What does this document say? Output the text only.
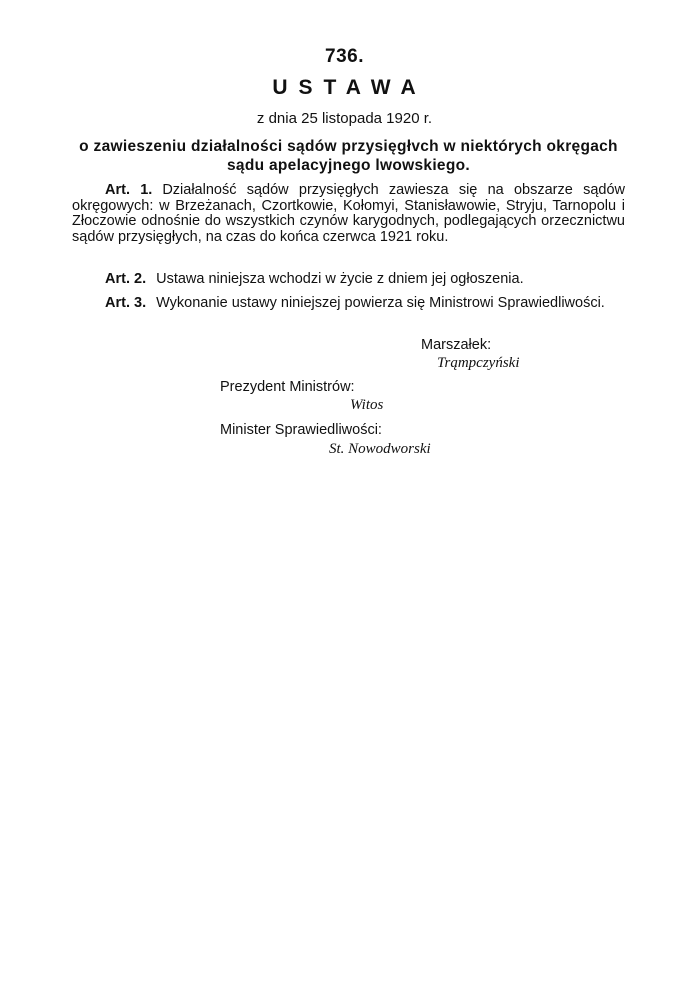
736.
USTAWA
z dnia 25 listopada 1920 r.
o zawieszeniu działalności sądów przysięgłvch w niektórych okręgach sądu apelacyjnego lwowskiego.
Art. 1. Działalność sądów przysięgłych zawiesza się na obszarze sądów okręgowych: w Brzeżanach, Czortkowie, Kołomyi, Stanisławowie, Stryju, Tarnopolu i Złoczowie odnośnie do wszystkich czynów karygodnych, podlegających orzecznictwu sądów przysięgłych, na czas do końca czerwca 1921 roku.
Art. 2. Ustawa niniejsza wchodzi w życie z dniem jej ogłoszenia.
Art. 3. Wykonanie ustawy niniejszej powierza się Ministrowi Sprawiedliwości.
Marszałek:
Trąmpczyński
Prezydent Ministrów:
Witos
Minister Sprawiedliwości:
St. Nowodworski
